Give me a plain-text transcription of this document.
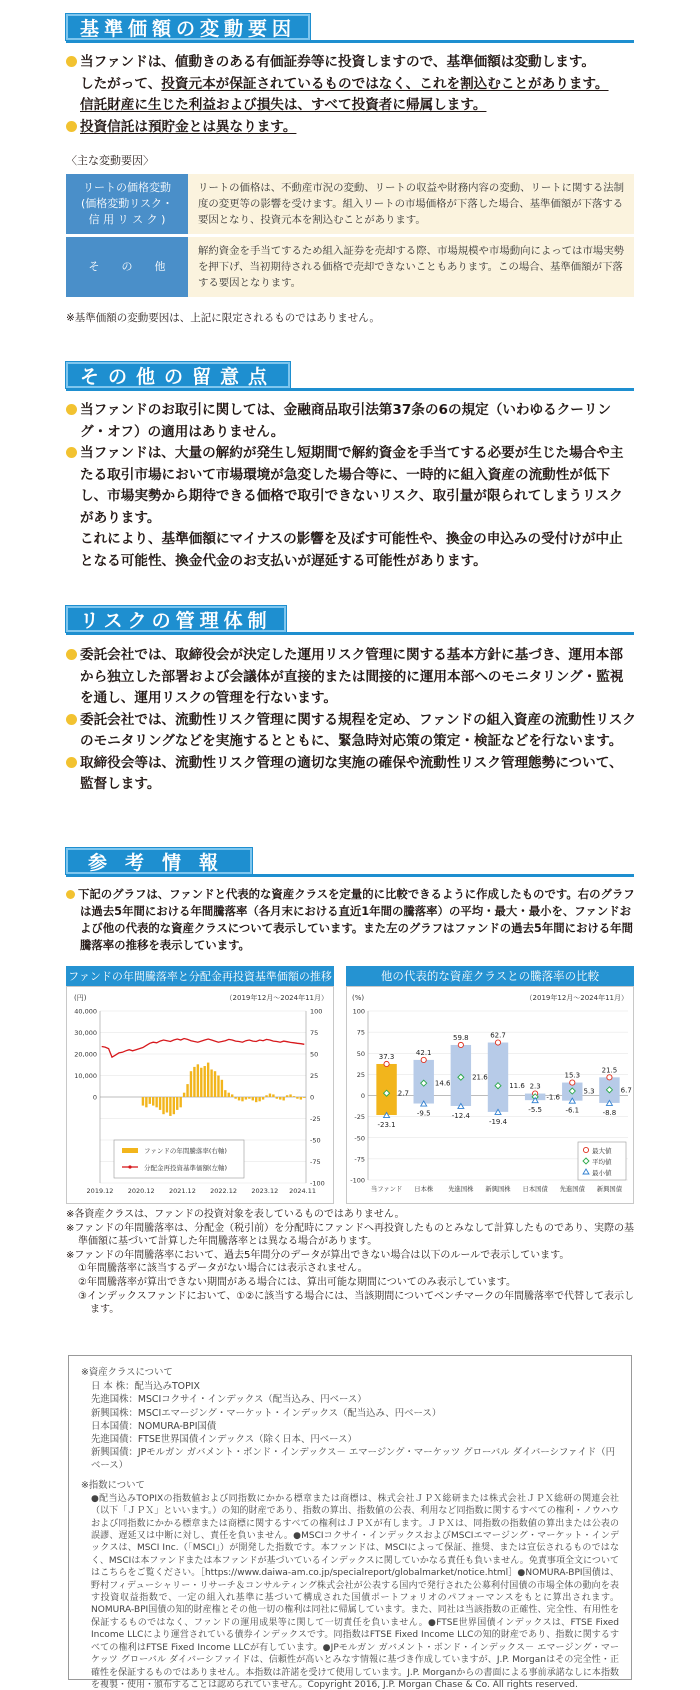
基準価額の変動要因

当ファンドは、値動きのある有価証券等に投資しますので、基準価額は変動します。

したがって、投資元本が保証されているものではなく、これを割込むことがあります。

信託財産に生じた利益および損失は、すべて投資者に帰属します。

投資信託は預貯金とは異なります。

〈主な変動要因〉
リートの価格変動
(価格変動リスク・
信 用 リ ス ク )	リートの価格は、不動産市況の変動、リートの収益や財務内容の変動、リートに関する法制度の変更等の影響を受けます。組入リートの市場価格が下落した場合、基準価額が下落する要因となり、投資元本を割込むことがあります。

そ　　の　　他	解約資金を手当てするため組入証券を売却する際、市場規模や市場動向によっては市場実勢を押下げ、当初期待される価格で売却できないこともあります。この場合、基準価額が下落する要因となります。
※基準価額の変動要因は、上記に限定されるものではありません。
その他の留意点

当ファンドのお取引に関しては、金融商品取引法第37条の6の規定（いわゆるクーリング・オフ）の適用はありません。

当ファンドは、大量の解約が発生し短期間で解約資金を手当てする必要が生じた場合や主たる取引市場において市場環境が急変した場合等に、一時的に組入資産の流動性が低下し、市場実勢から期待できる価格で取引できないリスク、取引量が限られてしまうリスクがあります。

これにより、基準価額にマイナスの影響を及ぼす可能性や、換金の申込みの受付けが中止となる可能性、換金代金のお支払いが遅延する可能性があります。

リスクの管理体制

委託会社では、取締役会が決定した運用リスク管理に関する基本方針に基づき、運用本部から独立した部署および会議体が直接的または間接的に運用本部へのモニタリング・監視を通し、運用リスクの管理を行ないます。

委託会社では、流動性リスク管理に関する規程を定め、ファンドの組入資産の流動性リスクのモニタリングなどを実施するとともに、緊急時対応策の策定・検証などを行ないます。

取締役会等は、流動性リスク管理の適切な実施の確保や流動性リスク管理態勢について、監督します。

参考情報

下記のグラフは、ファンドと代表的な資産クラスを定量的に比較できるように作成したものです。右のグラフは過去5年間における年間騰落率（各月末における直近1年間の騰落率）の平均・最大・最小を、ファンドおよび他の代表的な資産クラスについて表示しています。また左のグラフはファンドの過去5年間における年間騰落率の推移を表示しています。

ファンドの年間騰落率と分配金再投資基準価額の推移
（2019年12月～2024年11月）
(円)
100
75
50
25
0
-25
-50
-75
-100
40,000
30,000
20,000
10,000
0
2019.12 2020.12 2021.12 2022.12 2023.12 2024.11
ファンドの年間騰落率(右軸)
分配金再投資基準価額(左軸)
他の代表的な資産クラスとの騰落率の比較
（2019年12月～2024年11月）
(%)
100
75
50
25
0
-25
-50
-75
-100
37.3
2.7
-23.1
当ファンド
42.1
14.6
-9.5
日本株
59.8
21.6
-12.4
先進国株
62.7
11.6
-19.4
新興国株
2.3
-1.6
-5.5
日本国債
15.3
5.3
-6.1
先進国債
21.5
6.7
-8.8
新興国債
最大値
平均値
最小値
※各資産クラスは、ファンドの投資対象を表しているものではありません。
※ファンドの年間騰落率は、分配金（税引前）を分配時にファンドへ再投資したものとみなして計算したものであり、実際の基準価額に基づいて計算した年間騰落率とは異なる場合があります。
※ファンドの年間騰落率において、過去5年間分のデータが算出できない場合は以下のルールで表示しています。
①年間騰落率に該当するデータがない場合には表示されません。
②年間騰落率が算出できない期間がある場合には、算出可能な期間についてのみ表示しています。
③インデックスファンドにおいて、①②に該当する場合には、当該期間についてベンチマークの年間騰落率で代替して表示します。
※資産クラスについて
日 本 株：配当込みTOPIX
先進国株：MSCIコクサイ・インデックス（配当込み、円ベース）
新興国株：MSCIエマージング・マーケット・インデックス（配当込み、円ベース）
日本国債：NOMURA-BPI国債
先進国債：FTSE世界国債インデックス（除く日本、円ベース）
新興国債：JPモルガン ガバメント・ボンド・インデックス－ エマージング・マーケッツ グローバル ダイバーシファイド（円ベース）
※指数について
●配当込みTOPIXの指数値および同指数にかかる標章または商標は、株式会社ＪＰＸ総研または株式会社ＪＰＸ総研の関連会社（以下「ＪＰＸ」といいます。）の知的財産であり、指数の算出、指数値の公表、利用など同指数に関するすべての権利・ノウハウおよび同指数にかかる標章または商標に関するすべての権利はＪＰＸが有します。ＪＰＸは、同指数の指数値の算出または公表の誤謬、遅延又は中断に対し、責任を負いません。●MSCIコクサイ・インデックスおよびMSCIエマージング・マーケット・インデックスは、MSCI Inc.（「MSCI」）が開発した指数です。本ファンドは、MSCIによって保証、推奨、または宣伝されるものではなく、MSCIは本ファンドまたは本ファンドが基づいているインデックスに関していかなる責任も負いません。免責事項全文についてはこちらをご覧ください。［https://www.daiwa-am.co.jp/specialreport/globalmarket/notice.html］●NOMURA-BPI国債は、野村フィデューシャリー・リサーチ＆コンサルティング株式会社が公表する国内で発行された公募利付国債の市場全体の動向を表す投資収益指数で、一定の組入れ基準に基づいて構成された国債ポートフォリオのパフォーマンスをもとに算出されます。NOMURA-BPI国債の知的財産権とその他一切の権利は同社に帰属しています。また、同社は当該指数の正確性、完全性、有用性を保証するものではなく、ファンドの運用成果等に関して一切責任を負いません。●FTSE世界国債インデックスは、FTSE Fixed Income LLCにより運営されている債券インデックスです。同指数はFTSE Fixed Income LLCの知的財産であり、指数に関するすべての権利はFTSE Fixed Income LLCが有しています。●JPモルガン ガバメント・ボンド・インデックス－ エマージング・マーケッツ グローバル ダイバーシファイドは、信頼性が高いとみなす情報に基づき作成していますが、J.P. Morganはその完全性・正確性を保証するものではありません。本指数は許諾を受けて使用しています。J.P. Morganからの書面による事前承諾なしに本指数を複製・使用・頒布することは認められていません。Copyright 2016, J.P. Morgan Chase & Co. All rights reserved.
